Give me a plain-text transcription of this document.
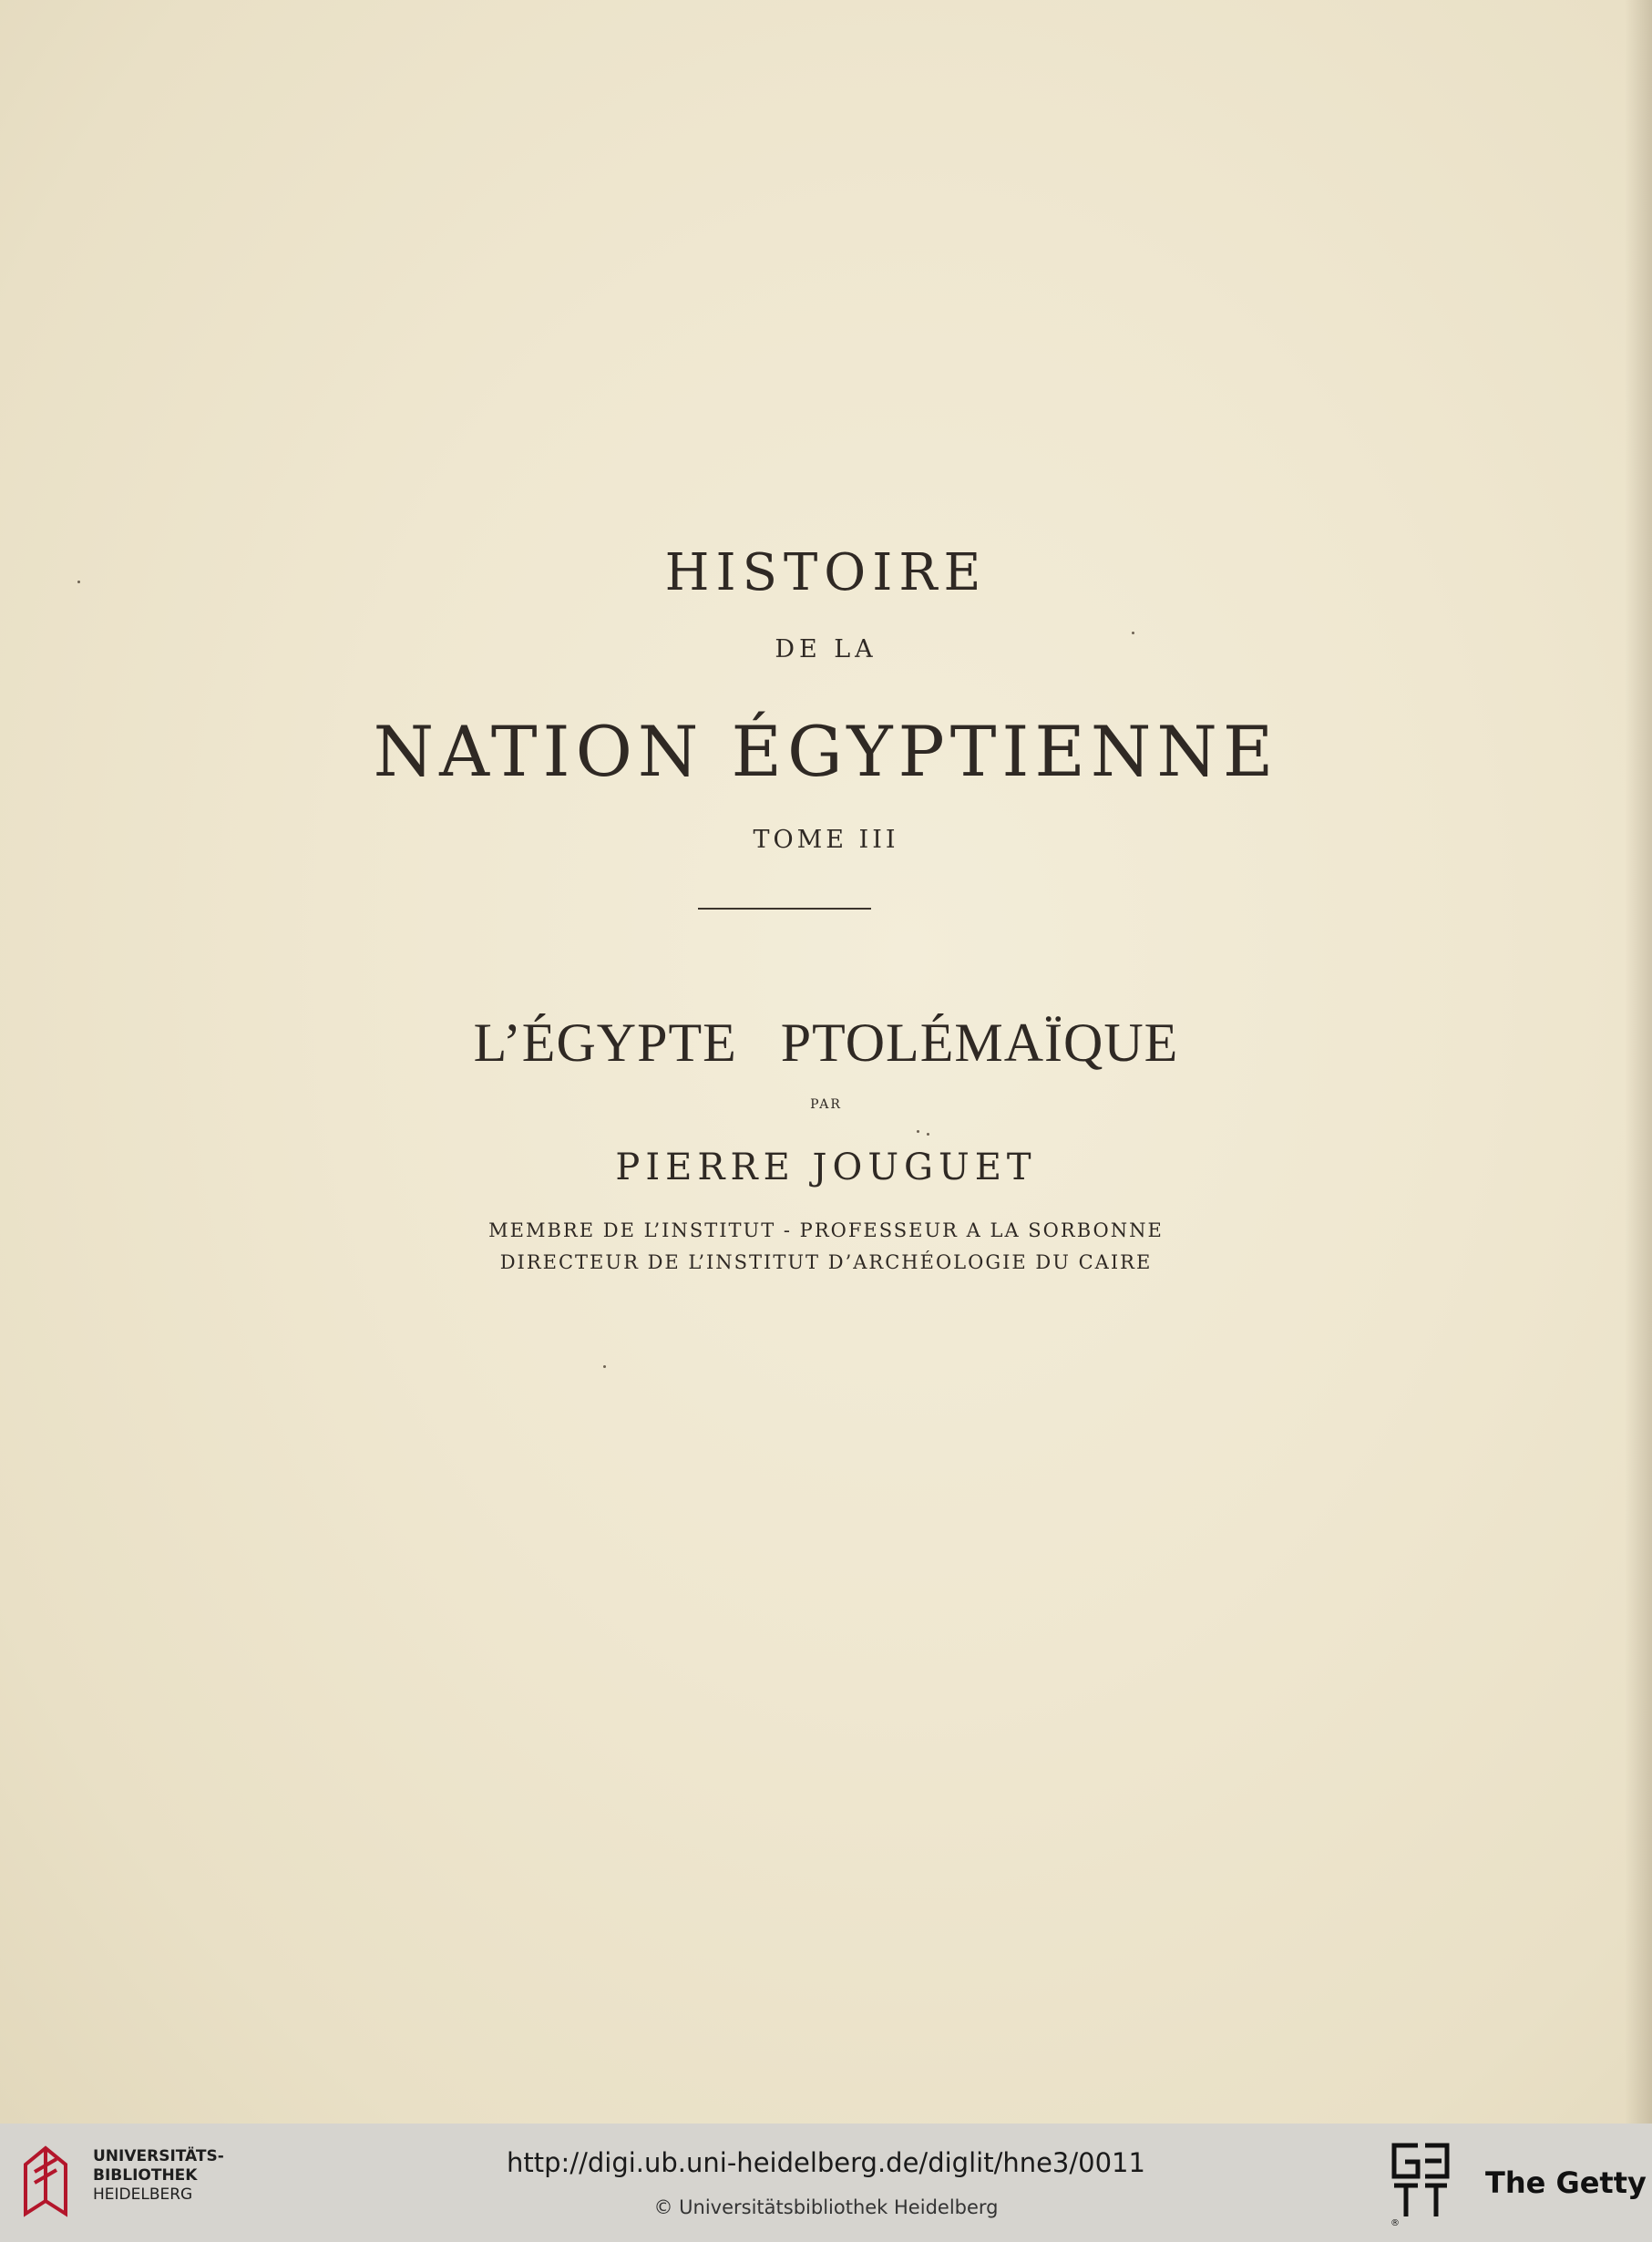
HISTOIRE
DE LA
NATION ÉGYPTIENNE
TOME III
L’ÉGYPTE   PTOLÉMAÏQUE
PAR
PIERRE JOUGUET
MEMBRE DE L’INSTITUT - PROFESSEUR A LA SORBONNE
DIRECTEUR DE L’INSTITUT D’ARCHÉOLOGIE DU CAIRE
UNIVERSITÄTS-
BIBLIOTHEK
HEIDELBERG
http://digi.ub.uni-heidelberg.de/diglit/hne3/0011
© Universitätsbibliothek Heidelberg
®
The Getty
